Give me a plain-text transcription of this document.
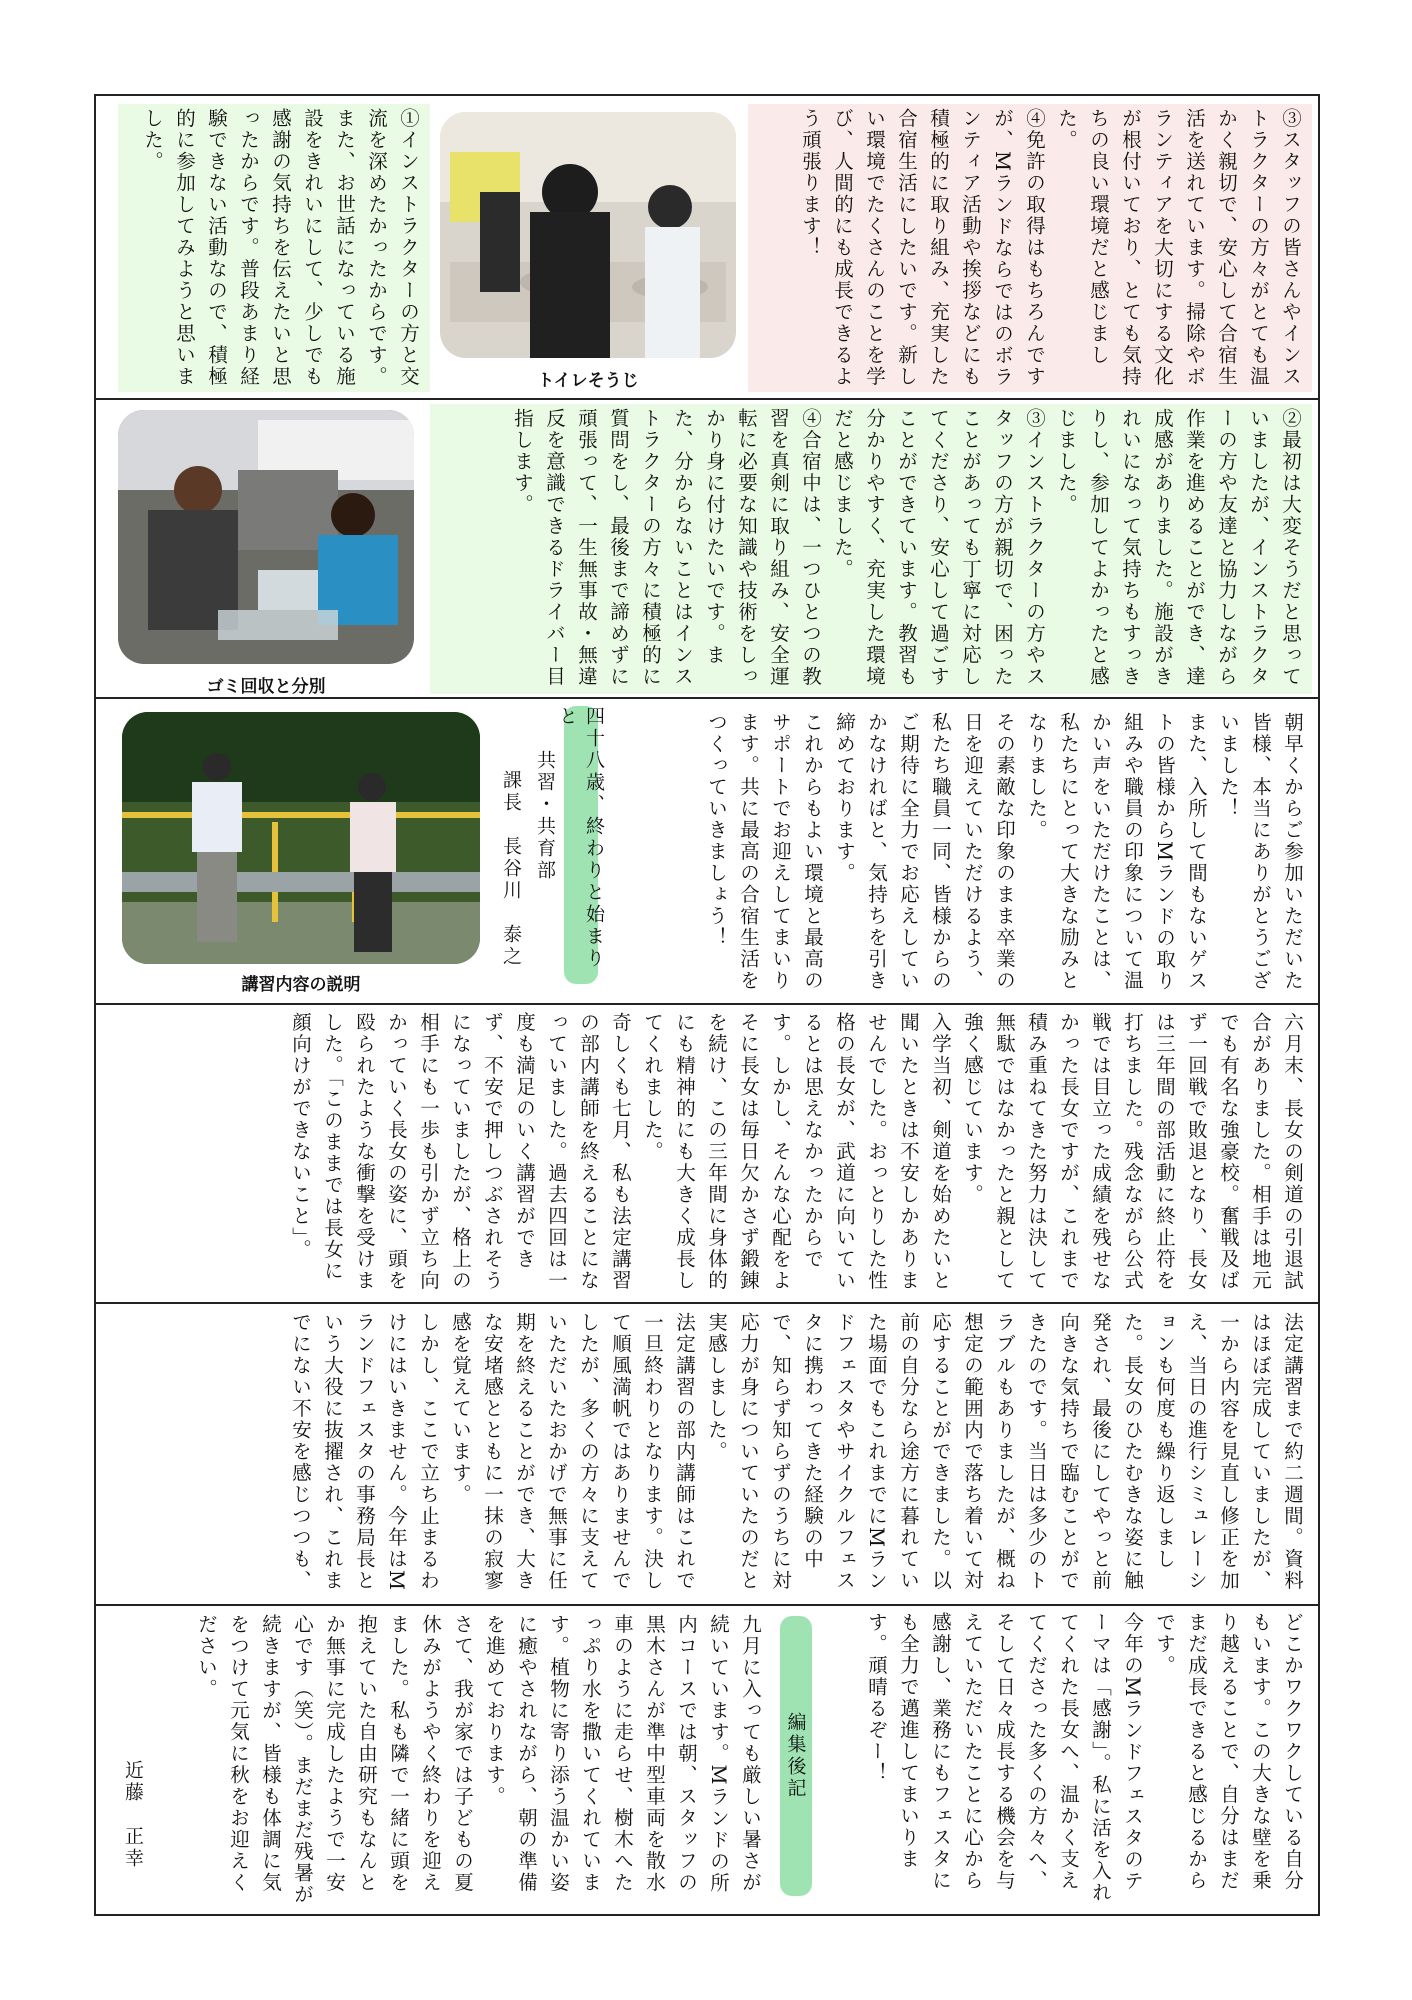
③スタッフの皆さんやインストラクターの方々がとても温かく親切で、安心して合宿生活を送れています。掃除やボランティアを大切にする文化が根付いており、とても気持ちの良い環境だと感じました。

④免許の取得はもちろんですが、Mランドならではのボランティア活動や挨拶などにも積極的に取り組み、充実した合宿生活にしたいです。新しい環境でたくさんのことを学び、人間的にも成長できるよう頑張ります！

トイレそうじ

①インストラクターの方と交流を深めたかったからです。また、お世話になっている施設をきれいにして、少しでも感謝の気持ちを伝えたいと思ったからです。普段あまり経験できない活動なので、積極的に参加してみようと思いました。

②最初は大変そうだと思っていましたが、インストラクターの方や友達と協力しながら作業を進めることができ、達成感がありました。施設がきれいになって気持ちもすっきりし、参加してよかったと感じました。

③インストラクターの方やスタッフの方が親切で、困ったことがあっても丁寧に対応してくださり、安心して過ごすことができています。教習も分かりやすく、充実した環境だと感じました。

④合宿中は、一つひとつの教習を真剣に取り組み、安全運転に必要な知識や技術をしっかり身に付けたいです。また、分からないことはインストラクターの方々に積極的に質問をし、最後まで諦めずに頑張って、一生無事故・無違反を意識できるドライバー目指します。

ゴミ回収と分別

朝早くからご参加いただいた皆様、本当にありがとうございました！

また、入所して間もないゲストの皆様からMランドの取り組みや職員の印象について温かい声をいただけたことは、私たちにとって大きな励みとなりました。

その素敵な印象のまま卒業の日を迎えていただけるよう、私たち職員一同、皆様からのご期待に全力でお応えしていかなければと、気持ちを引き締めております。

これからもよい環境と最高のサポートでお迎えしてまいります。共に最高の合宿生活をつくっていきましょう！

四十八歳、終わりと始まりと
共習・共育部
課長　長谷川　泰之
講習内容の説明

六月末、長女の剣道の引退試合がありました。相手は地元でも有名な強豪校。奮戦及ばず一回戦で敗退となり、長女は三年間の部活動に終止符を打ちました。残念ながら公式戦では目立った成績を残せなかった長女ですが、これまで積み重ねてきた努力は決して無駄ではなかったと親として強く感じています。

入学当初、剣道を始めたいと聞いたときは不安しかありませんでした。おっとりした性格の長女が、武道に向いているとは思えなかったからです。しかし、そんな心配をよそに長女は毎日欠かさず鍛錬を続け、この三年間に身体的にも精神的にも大きく成長してくれました。

奇しくも七月、私も法定講習の部内講師を終えることになっていました。過去四回は一度も満足のいく講習ができず、不安で押しつぶされそうになっていましたが、格上の相手にも一歩も引かず立ち向かっていく長女の姿に、頭を殴られたような衝撃を受けました。「このままでは長女に顔向けができないこと」。

法定講習まで約二週間。資料はほぼ完成していましたが、一から内容を見直し修正を加え、当日の進行シミュレーションも何度も繰り返しました。長女のひたむきな姿に触発され、最後にしてやっと前向きな気持ちで臨むことができたのです。当日は多少のトラブルもありましたが、概ね想定の範囲内で落ち着いて対応することができました。以前の自分なら途方に暮れていた場面でもこれまでにMランドフェスタやサイクルフェスタに携わってきた経験の中で、知らず知らずのうちに対応力が身についていたのだと実感しました。

法定講習の部内講師はこれで一旦終わりとなります。決して順風満帆ではありませんでしたが、多くの方々に支えていただいたおかげで無事に任期を終えることができ、大きな安堵感とともに一抹の寂寥感を覚えています。

しかし、ここで立ち止まるわけにはいきません。今年はMランドフェスタの事務局長という大役に抜擢され、これまでにない不安を感じつつも、

どこかワクワクしている自分もいます。この大きな壁を乗り越えることで、自分はまだまだ成長できると感じるからです。

今年のMランドフェスタのテーマは「感謝」。私に活を入れてくれた長女へ、温かく支えてくださった多くの方々へ、そして日々成長する機会を与えていただいたことに心から感謝し、業務にもフェスタにも全力で邁進してまいります。頑晴るぞー！

編集後記

九月に入っても厳しい暑さが続いています。Mランドの所内コースでは朝、スタッフの黒木さんが準中型車両を散水車のように走らせ、樹木へたっぷり水を撒いてくれています。植物に寄り添う温かい姿に癒やされながら、朝の準備を進めております。

さて、我が家では子どもの夏休みがようやく終わりを迎えました。私も隣で一緒に頭を抱えていた自由研究もなんとか無事に完成したようで一安心です（笑）。まだまだ残暑が続きますが、皆様も体調に気をつけて元気に秋をお迎えください。

近藤　正幸
